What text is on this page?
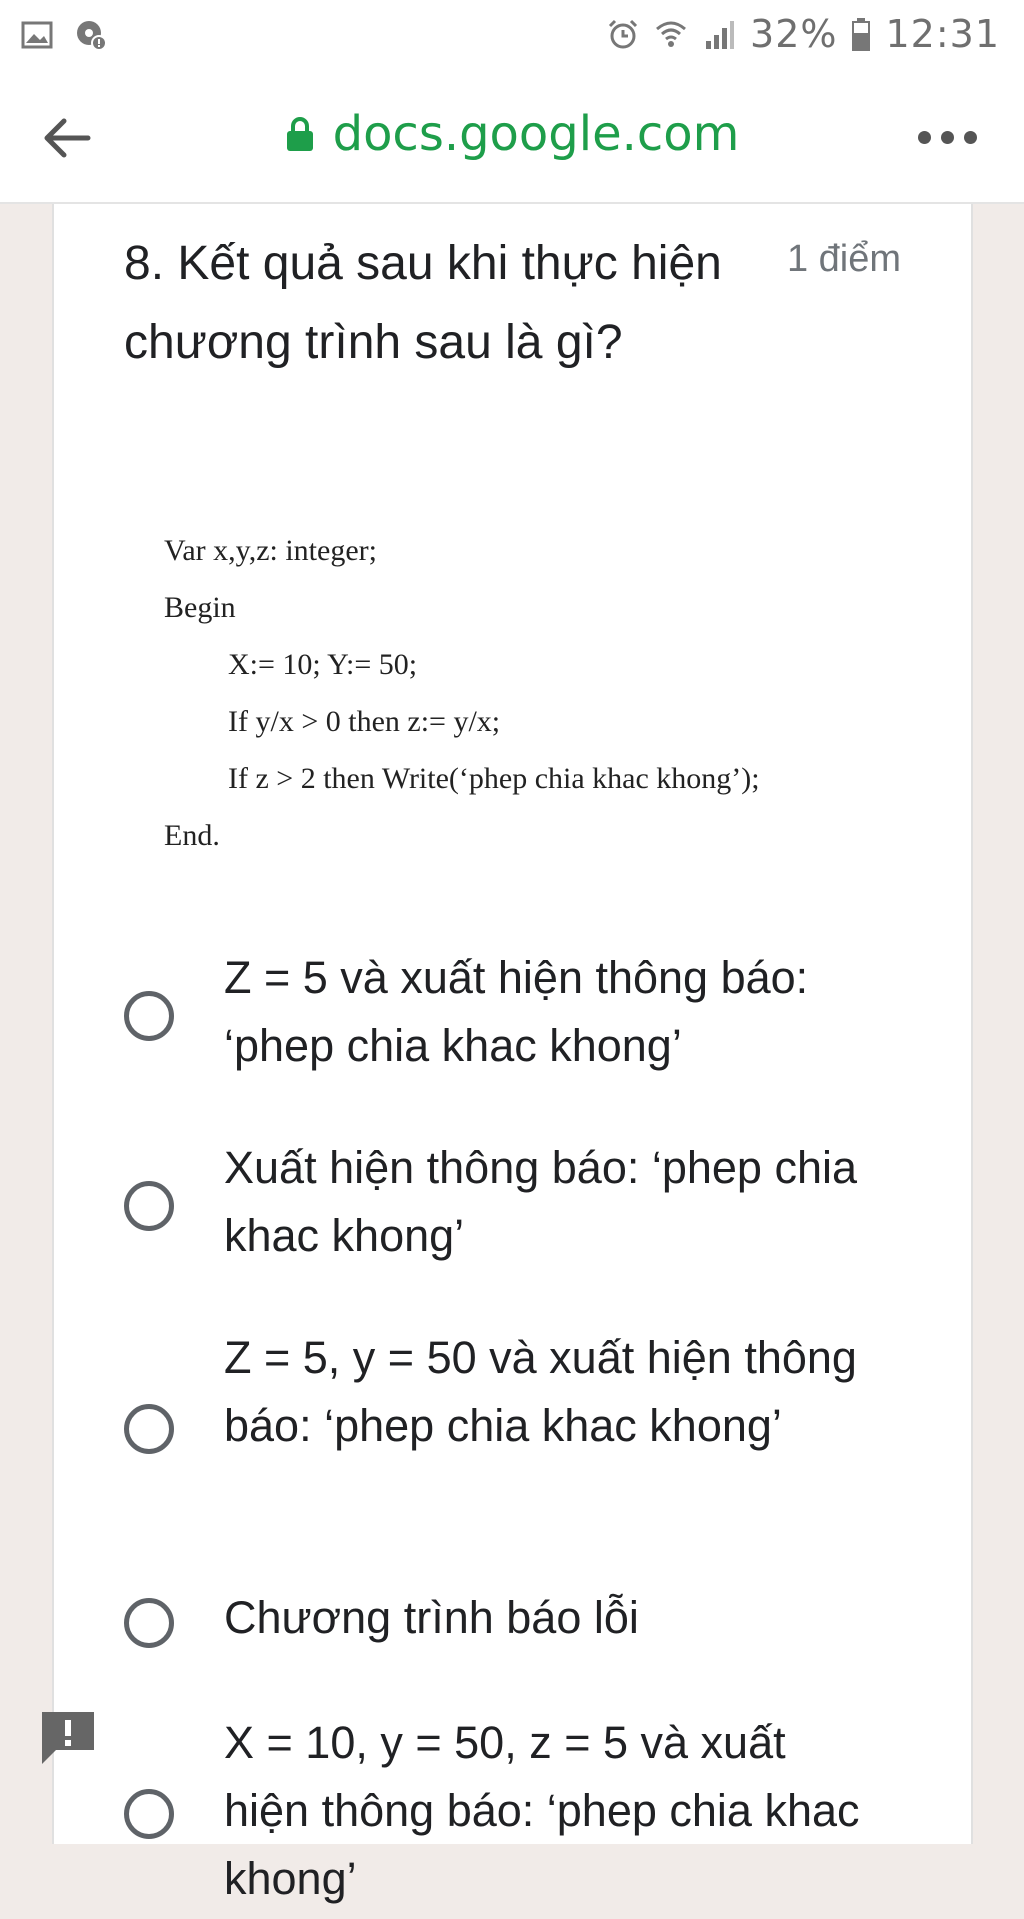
32% 12:31
docs.google.com
8. Kết quả sau khi thực hiện chương trình sau là gì?
1 điểm
Var x,y,z: integer;
Begin
X:= 10; Y:= 50;
If y/x > 0 then z:= y/x;
If z > 2 then Write(‘phep chia khac khong’);
End.
Z = 5 và xuất hiện thông báo: ‘phep chia khac khong’
Xuất hiện thông báo: ‘phep chia khac khong’
Z = 5, y = 50 và xuất hiện thông báo: ‘phep chia khac khong’
Chương trình báo lỗi
X = 10, y = 50, z = 5 và xuất hiện thông báo: ‘phep chia khac khong’
